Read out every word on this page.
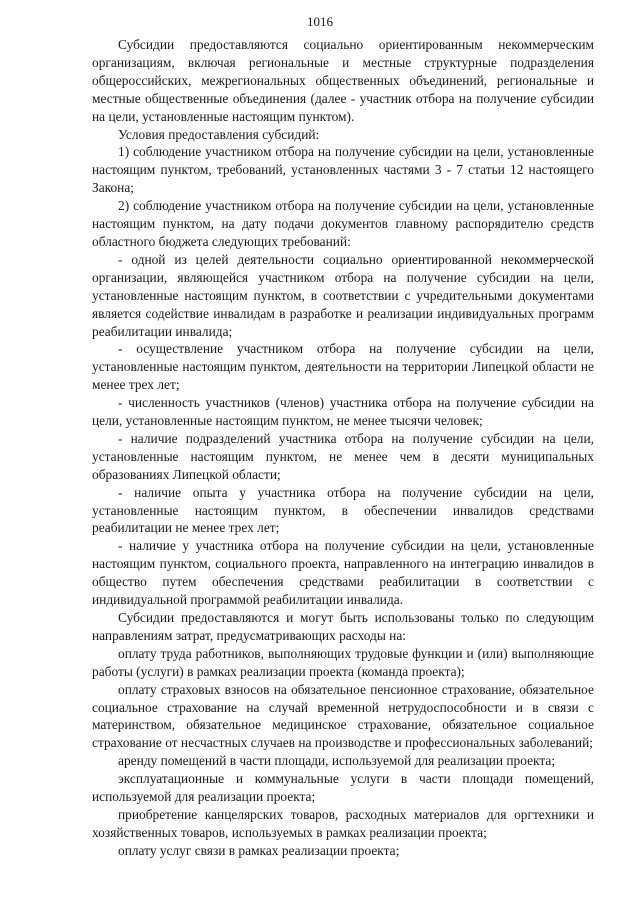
1016

Субсидии предоставляются социально ориентированным некоммерческим организациям, включая региональные и местные структурные подразделения общероссийских, межрегиональных общественных объединений, региональные и местные общественные объединения (далее - участник отбора на получение субсидии на цели, установленные настоящим пунктом).

Условия предоставления субсидий:

1) соблюдение участником отбора на получение субсидии на цели, установленные настоящим пунктом, требований, установленных частями 3 - 7 статьи 12 настоящего Закона;

2) соблюдение участником отбора на получение субсидии на цели, установленные настоящим пунктом, на дату подачи документов главному распорядителю средств областного бюджета следующих требований:

- одной из целей деятельности социально ориентированной некоммерческой организации, являющейся участником отбора на получение субсидии на цели, установленные настоящим пунктом, в соответствии с учредительными документами является содействие инвалидам в разработке и реализации индивидуальных программ реабилитации инвалида;

- осуществление участником отбора на получение субсидии на цели, установленные настоящим пунктом, деятельности на территории Липецкой области не менее трех лет;

- численность участников (членов) участника отбора на получение субсидии на цели, установленные настоящим пунктом, не менее тысячи человек;

- наличие подразделений участника отбора на получение субсидии на цели, установленные настоящим пунктом, не менее чем в десяти муниципальных образованиях Липецкой области;

- наличие опыта у участника отбора на получение субсидии на цели, установленные настоящим пунктом, в обеспечении инвалидов средствами реабилитации не менее трех лет;

- наличие у участника отбора на получение субсидии на цели, установленные настоящим пунктом, социального проекта, направленного на интеграцию инвалидов в общество путем обеспечения средствами реабилитации в соответствии с индивидуальной программой реабилитации инвалида.

Субсидии предоставляются и могут быть использованы только по следующим направлениям затрат, предусматривающих расходы на:

оплату труда работников, выполняющих трудовые функции и (или) выполняющие работы (услуги) в рамках реализации проекта (команда проекта);

оплату страховых взносов на обязательное пенсионное страхование, обязательное социальное страхование на случай временной нетрудоспособности и в связи с материнством, обязательное медицинское страхование, обязательное социальное страхование от несчастных случаев на производстве и профессиональных заболеваний;

аренду помещений в части площади, используемой для реализации проекта;

эксплуатационные и коммунальные услуги в части площади помещений, используемой для реализации проекта;

приобретение канцелярских товаров, расходных материалов для оргтехники и хозяйственных товаров, используемых в рамках реализации проекта;

оплату услуг связи в рамках реализации проекта;
